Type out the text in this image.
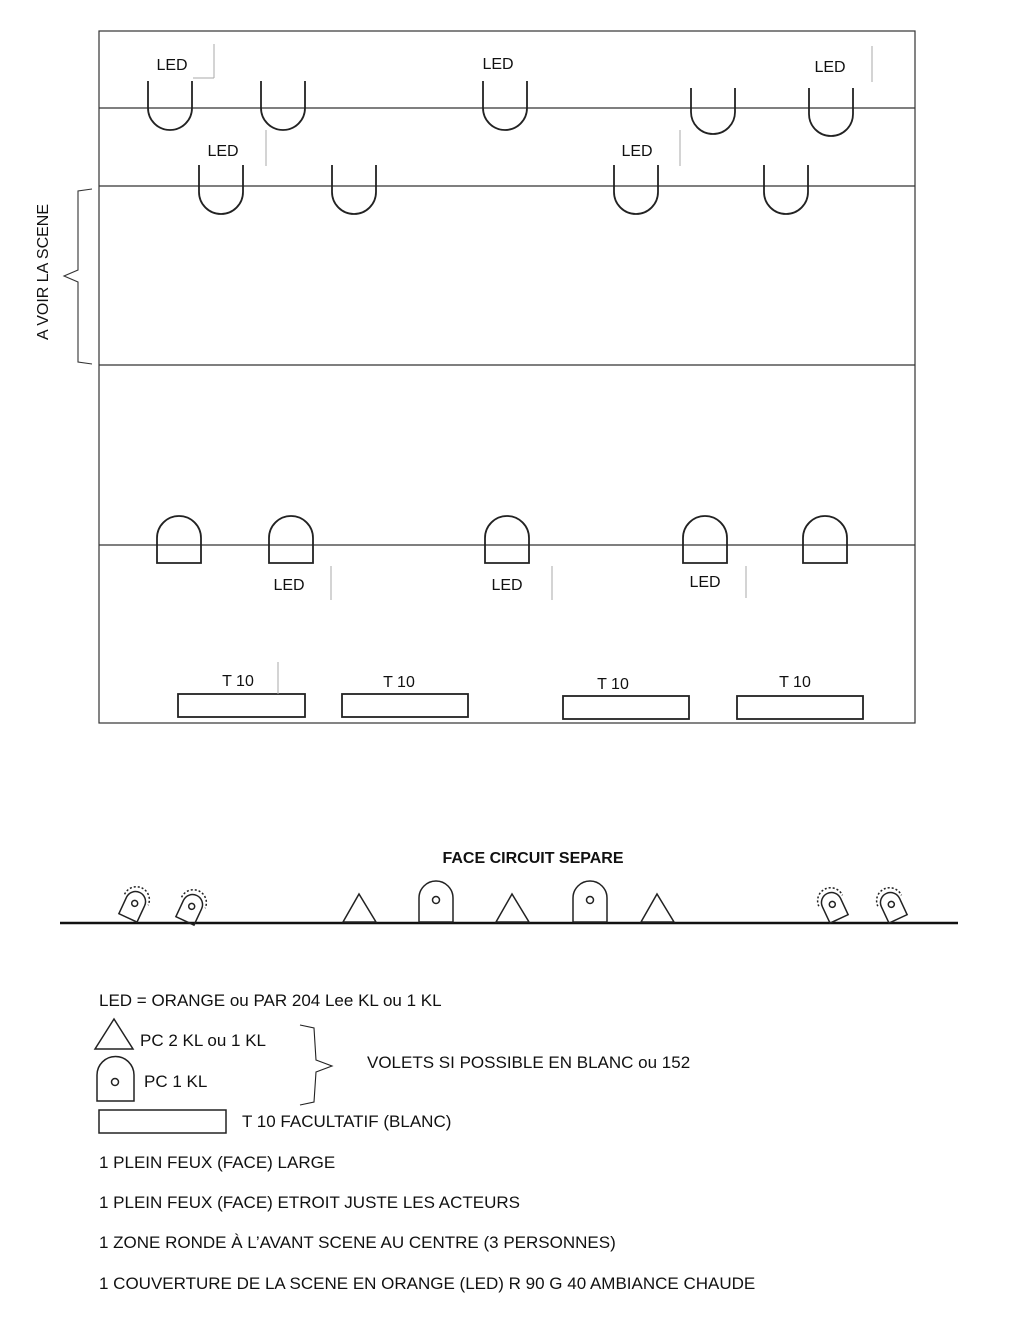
A VOIR LA SCENE
LED	LED	LED
LED	LED
LED	LED	LED
T 10	T 10	T 10	T 10
FACE CIRCUIT SEPARE
LED = ORANGE ou PAR 204 Lee KL ou 1 KL
PC 2 KL ou 1 KL
PC 1 KL
VOLETS SI POSSIBLE EN BLANC ou 152
T 10 FACULTATIF (BLANC)
1 PLEIN FEUX (FACE) LARGE
1 PLEIN FEUX (FACE) ETROIT JUSTE LES ACTEURS
1 ZONE RONDE À L’AVANT SCENE AU CENTRE (3 PERSONNES)
1 COUVERTURE DE LA SCENE EN ORANGE (LED) R 90 G 40 AMBIANCE CHAUDE
